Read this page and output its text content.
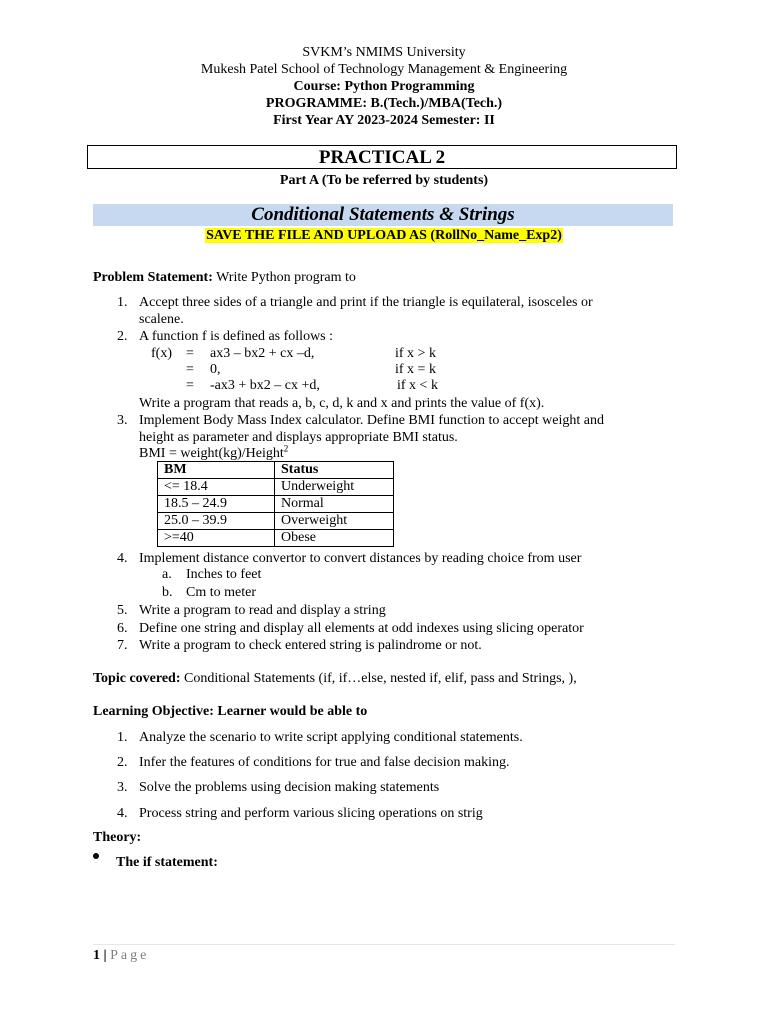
SVKM’s NMIMS University
Mukesh Patel School of Technology Management & Engineering
Course: Python Programming
PROGRAMME: B.(Tech.)/MBA(Tech.)
First Year AY 2023-2024 Semester: II
PRACTICAL 2
Part A (To be referred by students)
Conditional Statements & Strings
SAVE THE FILE AND UPLOAD AS (RollNo_Name_Exp2)
Problem Statement: Write Python program to
1. Accept three sides of a triangle and print if the triangle is equilateral, isosceles or
scalene.
2. A function f is defined as follows :
f(x) = ax3 – bx2 + cx –d,	if x > k
= 0,	if x = k
= -ax3 + bx2 – cx +d,	if x < k
Write a program that reads a, b, c, d, k and x and prints the value of f(x).
3. Implement Body Mass Index calculator. Define BMI function to accept weight and
height as parameter and displays appropriate BMI status.
BMI = weight(kg)/Height$^2$
BM	Status
<= 18.4	Underweight
18.5 – 24.9	Normal
25.0 – 39.9	Overweight
>=40	Obese
4. Implement distance convertor to convert distances by reading choice from user
a. Inches to feet
b. Cm to meter
5. Write a program to read and display a string
6. Define one string and display all elements at odd indexes using slicing operator
7. Write a program to check entered string is palindrome or not.
Topic covered: Conditional Statements (if, if…else, nested if, elif, pass and Strings, ),
Learning Objective: Learner would be able to
1. Analyze the scenario to write script applying conditional statements.
2. Infer the features of conditions for true and false decision making.
3. Solve the problems using decision making statements
4. Process string and perform various slicing operations on strig
Theory:
The if statement:
1 | Page
